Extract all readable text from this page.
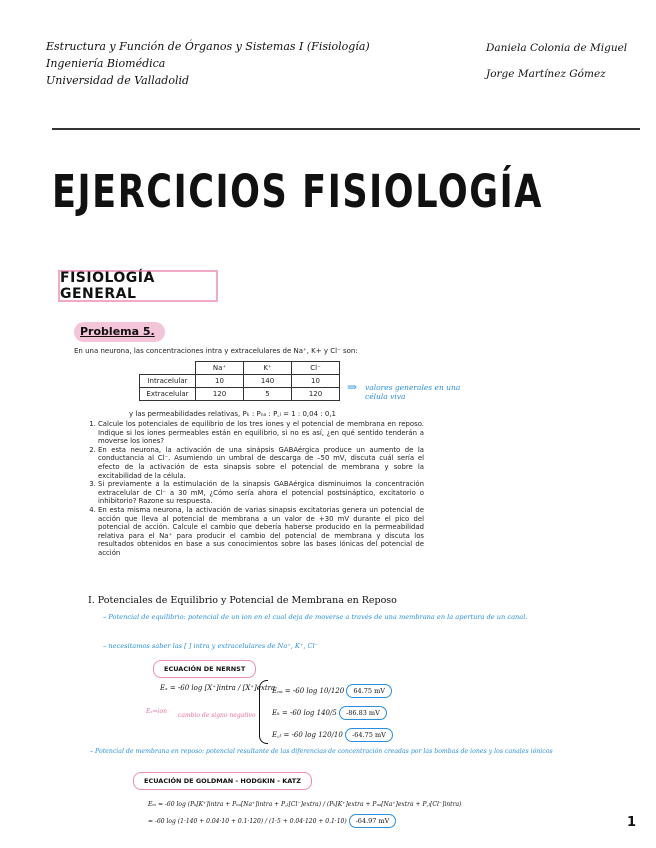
Estructura y Función de Órganos y Sistemas I (Fisiología)
Ingeniería Biomédica
Universidad de Valladolid
Daniela Colonia de Miguel
Jorge Martínez Gómez
EJERCICIOS FISIOLOGÍA
FISIOLOGÍA GENERAL
Problema 5.
En una neurona, las concentraciones intra y extracelulares de Na⁺, K+ y Cl⁻ son:
	Na⁺	K⁺	Cl⁻
Intracelular	10	140	10
Extracelular	120	5	120 ⇒ valores generales en una célula viva
y las permeabilidades relativas, Pₖ : Pₙₐ : P꜀ₗ = 1 : 0,04 : 0,1
1. Calcule los potenciales de equilibrio de los tres iones y el potencial de membrana en reposo. Indique si los iones permeables están en equilibrio, si no es así, ¿en qué sentido tenderán a moverse los iones?
2. En esta neurona, la activación de una sinápsis GABAérgica produce un aumento de la conductancia al Cl⁻. Asumiendo un umbral de descarga de –50 mV, discuta cuál sería el efecto de la activación de esta sinapsis sobre el potencial de membrana y sobre la excitabilidad de la célula.
3. Si previamente a la estimulación de la sinapsis GABAérgica disminuimos la concentración extracelular de Cl⁻ a 30 mM, ¿Cómo sería ahora el potencial postsináptico, excitatorio o inhibitorio? Razone su respuesta.
4. En esta misma neurona, la activación de varias sinapsis excitatorias genera un potencial de acción que lleva al potencial de membrana a un valor de +30 mV durante el pico del potencial de acción. Calcule el cambio que debería haberse producido en la permeabilidad relativa para el Na⁺ para producir el cambio del potencial de membrana y discuta los resultados obtenidos en base a sus conocimientos sobre las bases iónicas del potencial de acción
I. Potenciales de Equilibrio y Potencial de Membrana en Reposo
– Potencial de equilibrio: potencial de un ion en el cual deja de moverse a través de una membrana en la apertura de un canal.
– necesitamos saber las [ ] intra y extracelulares de Na⁺, K⁺, Cl⁻
ECUACIÓN DE NERNST
Eₓ = -60 log [X⁺]intra / [X⁺]extra
Eₓ⇒ion
cambio de signo negativo
Eₙₐ = -60 log 10/120 64.75 mV
Eₖ = -60 log 140/5 -86.83 mV
E꜀ₗ = -60 log 120/10 -64.75 mV
– Potencial de membrana en reposo: potencial resultante de las diferencias de concentración creadas por las bombas de iones y los canales iónicos
ECUACIÓN DE GOLDMAN - HODGKIN - KATZ
Eₘ = -60 log (Pₖ[K⁺]intra + Pₙₐ[Na⁺]intra + P꜀ₗ[Cl⁻]extra) / (Pₖ[K⁺]extra + Pₙₐ[Na⁺]extra + P꜀ₗ[Cl⁻]intra)
= -60 log (1·140 + 0.04·10 + 0.1·120) / (1·5 + 0.04·120 + 0.1·10) -64.97 mV	1
